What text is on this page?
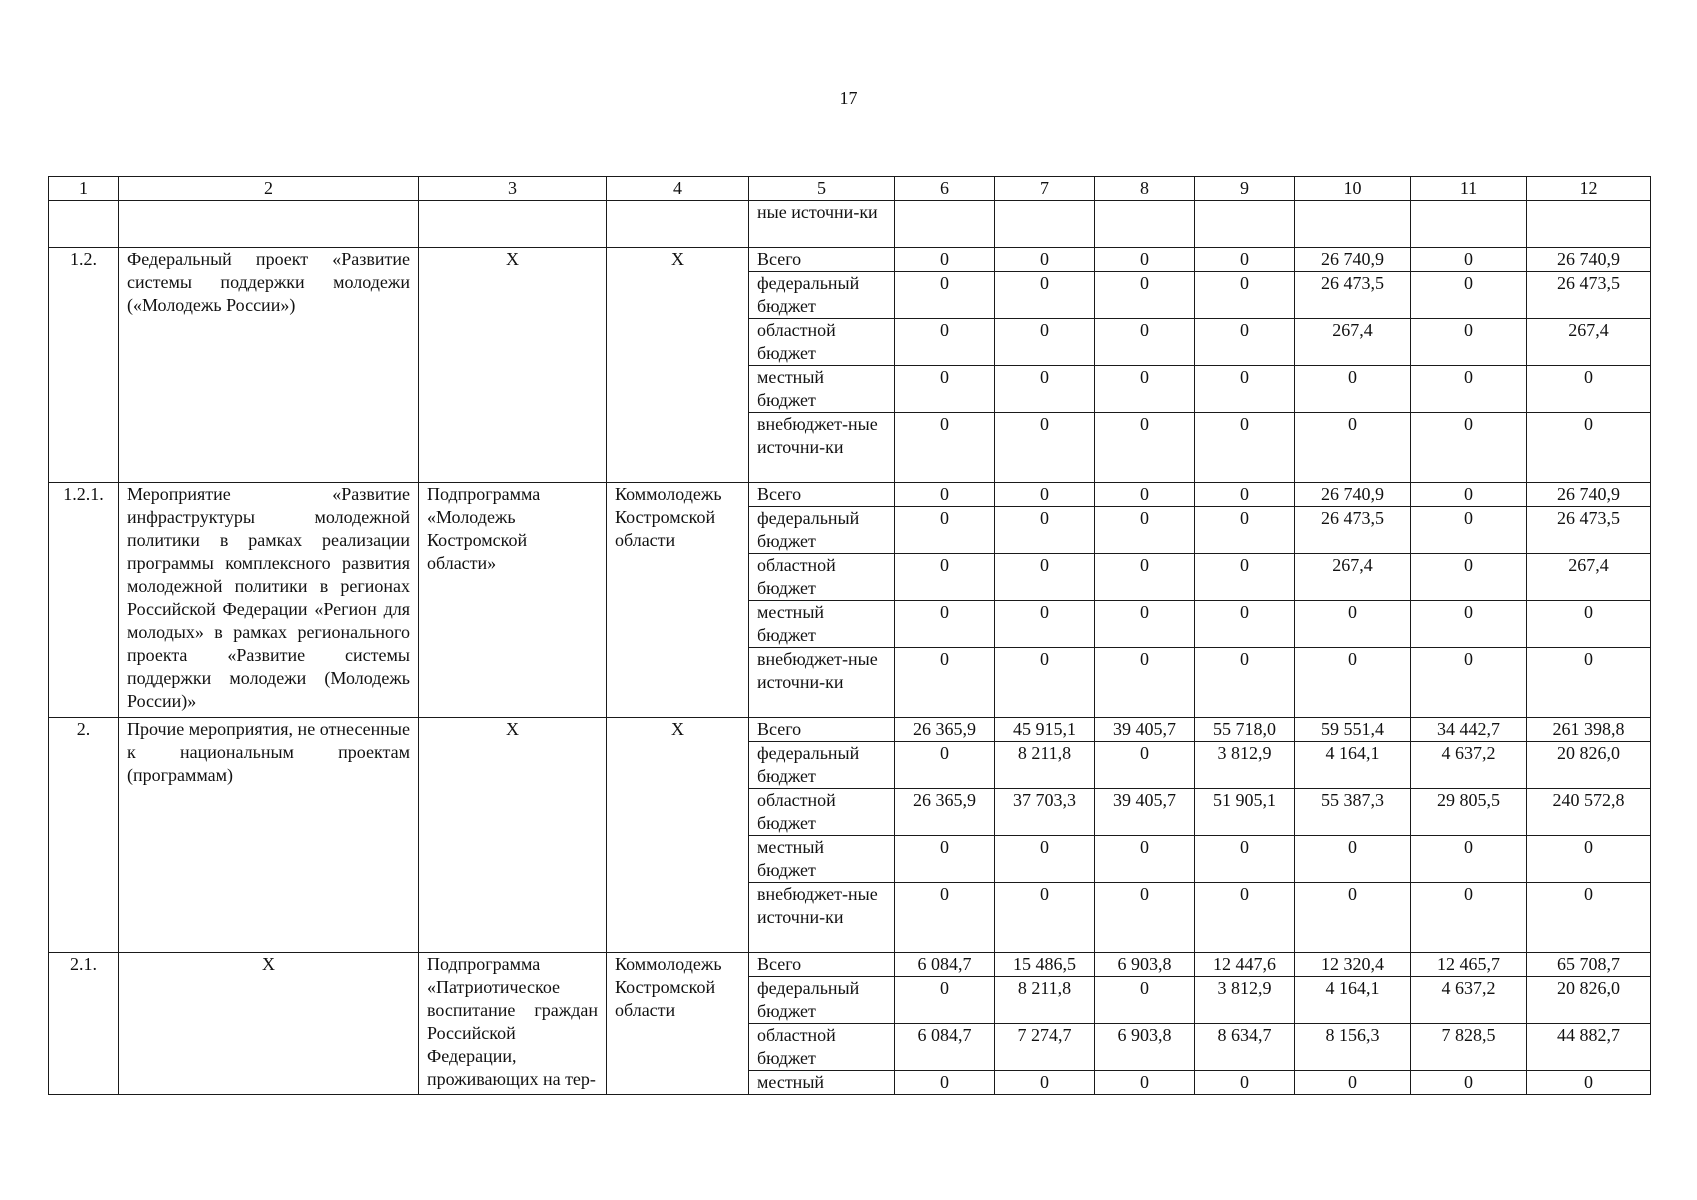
17
1	2	3	4	5	6	7	8	9	10	11	12
				ные источни-ки							
1.2.	Федеральный проект «Развитие системы поддержки молодежи («Молодежь России»)	X	X	Всего	0	0	0	0	26 740,9	0	26 740,9
				федеральный бюджет	0	0	0	0	26 473,5	0	26 473,5
				областной бюджет	0	0	0	0	267,4	0	267,4
				местный бюджет	0	0	0	0	0	0	0
				внебюджет-ные источни-ки	0	0	0	0	0	0	0
1.2.1.	Мероприятие «Развитие инфраструктуры молодежной политики в рамках реализации программы комплексного развития молодежной политики в регионах Российской Федерации «Регион для молодых» в рамках регионального проекта «Развитие системы поддержки молодежи (Молодежь России)»	Подпрограмма «Молодежь Костромской области»	Коммолодежь Костромской области	Всего	0	0	0	0	26 740,9	0	26 740,9
				федеральный бюджет	0	0	0	0	26 473,5	0	26 473,5
				областной бюджет	0	0	0	0	267,4	0	267,4
				местный бюджет	0	0	0	0	0	0	0
				внебюджет-ные источни-ки	0	0	0	0	0	0	0
2.	Прочие мероприятия, не отнесенные к национальным проектам (программам)	X	X	Всего	26 365,9	45 915,1	39 405,7	55 718,0	59 551,4	34 442,7	261 398,8
				федеральный бюджет	0	8 211,8	0	3 812,9	4 164,1	4 637,2	20 826,0
				областной бюджет	26 365,9	37 703,3	39 405,7	51 905,1	55 387,3	29 805,5	240 572,8
				местный бюджет	0	0	0	0	0	0	0
				внебюджет-ные источни-ки	0	0	0	0	0	0	0
2.1.	X	Подпрограмма «Патриотическое воспитание граждан Российской Федерации, проживающих на тер-	Коммолодежь Костромской области	Всего	6 084,7	15 486,5	6 903,8	12 447,6	12 320,4	12 465,7	65 708,7
				федеральный бюджет	0	8 211,8	0	3 812,9	4 164,1	4 637,2	20 826,0
				областной бюджет	6 084,7	7 274,7	6 903,8	8 634,7	8 156,3	7 828,5	44 882,7
				местный	0	0	0	0	0	0	0
